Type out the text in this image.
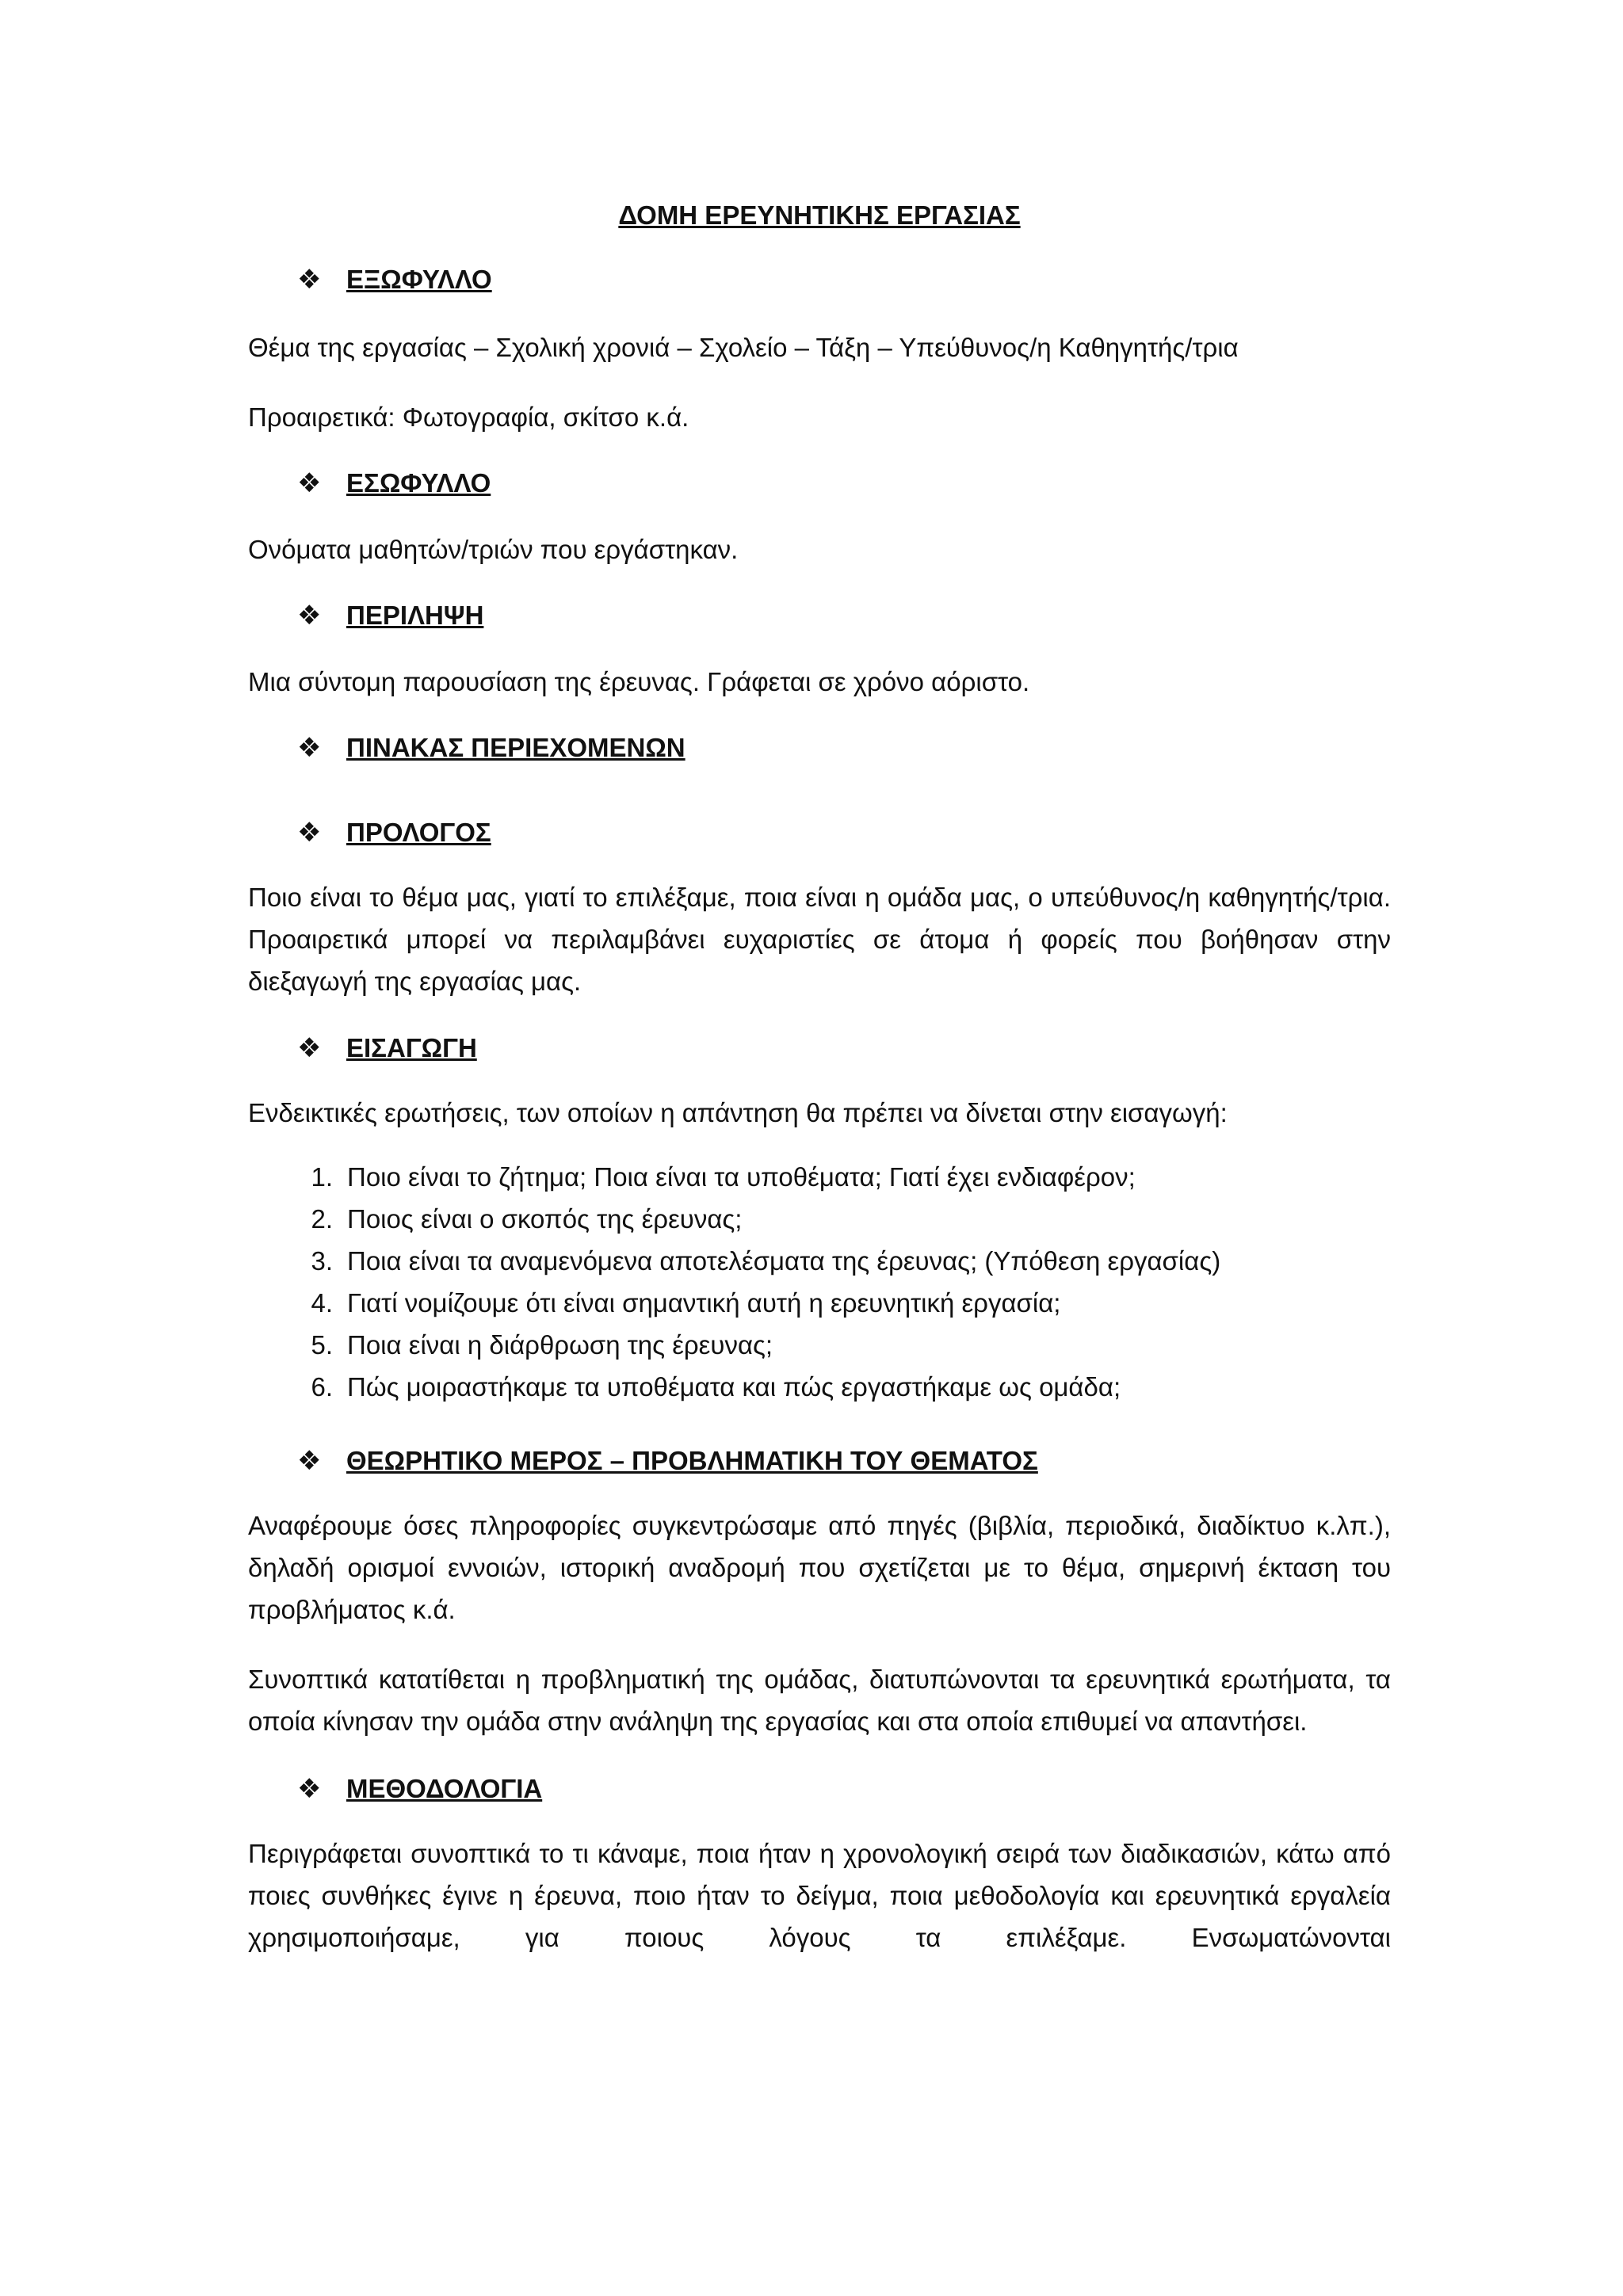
ΔΟΜΗ ΕΡΕΥΝΗΤΙΚΗΣ ΕΡΓΑΣΙΑΣ
❖ ΕΞΩΦΥΛΛΟ

Θέμα της εργασίας – Σχολική χρονιά – Σχολείο – Τάξη – Υπεύθυνος/η Καθηγητής/τρια

Προαιρετικά: Φωτογραφία, σκίτσο κ.ά.

❖ ΕΣΩΦΥΛΛΟ

Ονόματα μαθητών/τριών που εργάστηκαν.

❖ ΠΕΡΙΛΗΨΗ

Μια σύντομη παρουσίαση της έρευνας. Γράφεται σε χρόνο αόριστο.

❖ ΠΙΝΑΚΑΣ ΠΕΡΙΕΧΟΜΕΝΩΝ
❖ ΠΡΟΛΟΓΟΣ

Ποιο είναι το θέμα μας, γιατί το επιλέξαμε, ποια είναι η ομάδα μας, ο υπεύθυνος/η καθηγητής/τρια. Προαιρετικά μπορεί να περιλαμβάνει ευχαριστίες σε άτομα ή φορείς που βοήθησαν στην διεξαγωγή της εργασίας μας.

❖ ΕΙΣΑΓΩΓΗ

Ενδεικτικές ερωτήσεις, των οποίων η απάντηση θα πρέπει να δίνεται στην εισαγωγή:

1. Ποιο είναι το ζήτημα; Ποια είναι τα υποθέματα; Γιατί έχει ενδιαφέρον;
2. Ποιος είναι ο σκοπός της έρευνας;
3. Ποια είναι τα αναμενόμενα αποτελέσματα της έρευνας; (Υπόθεση εργασίας)
4. Γιατί νομίζουμε ότι είναι σημαντική αυτή η ερευνητική εργασία;
5. Ποια είναι η διάρθρωση της έρευνας;
6. Πώς μοιραστήκαμε τα υποθέματα και πώς εργαστήκαμε ως ομάδα;
❖ ΘΕΩΡΗΤΙΚΟ ΜΕΡΟΣ – ΠΡΟΒΛΗΜΑΤΙΚΗ ΤΟΥ ΘΕΜΑΤΟΣ

Αναφέρουμε όσες πληροφορίες συγκεντρώσαμε από πηγές (βιβλία, περιοδικά, διαδίκτυο κ.λπ.), δηλαδή ορισμοί εννοιών, ιστορική αναδρομή που σχετίζεται με το θέμα, σημερινή έκταση του προβλήματος κ.ά.

Συνοπτικά κατατίθεται η προβληματική της ομάδας, διατυπώνονται τα ερευνητικά ερωτήματα, τα οποία κίνησαν την ομάδα στην ανάληψη της εργασίας και στα οποία επιθυμεί να απαντήσει.

❖ ΜΕΘΟΔΟΛΟΓΙΑ

Περιγράφεται συνοπτικά το τι κάναμε, ποια ήταν η χρονολογική σειρά των διαδικασιών, κάτω από ποιες συνθήκες έγινε η έρευνα, ποιο ήταν το δείγμα, ποια μεθοδολογία και ερευνητικά εργαλεία χρησιμοποιήσαμε, για ποιους λόγους τα επιλέξαμε. Ενσωματώνονται
